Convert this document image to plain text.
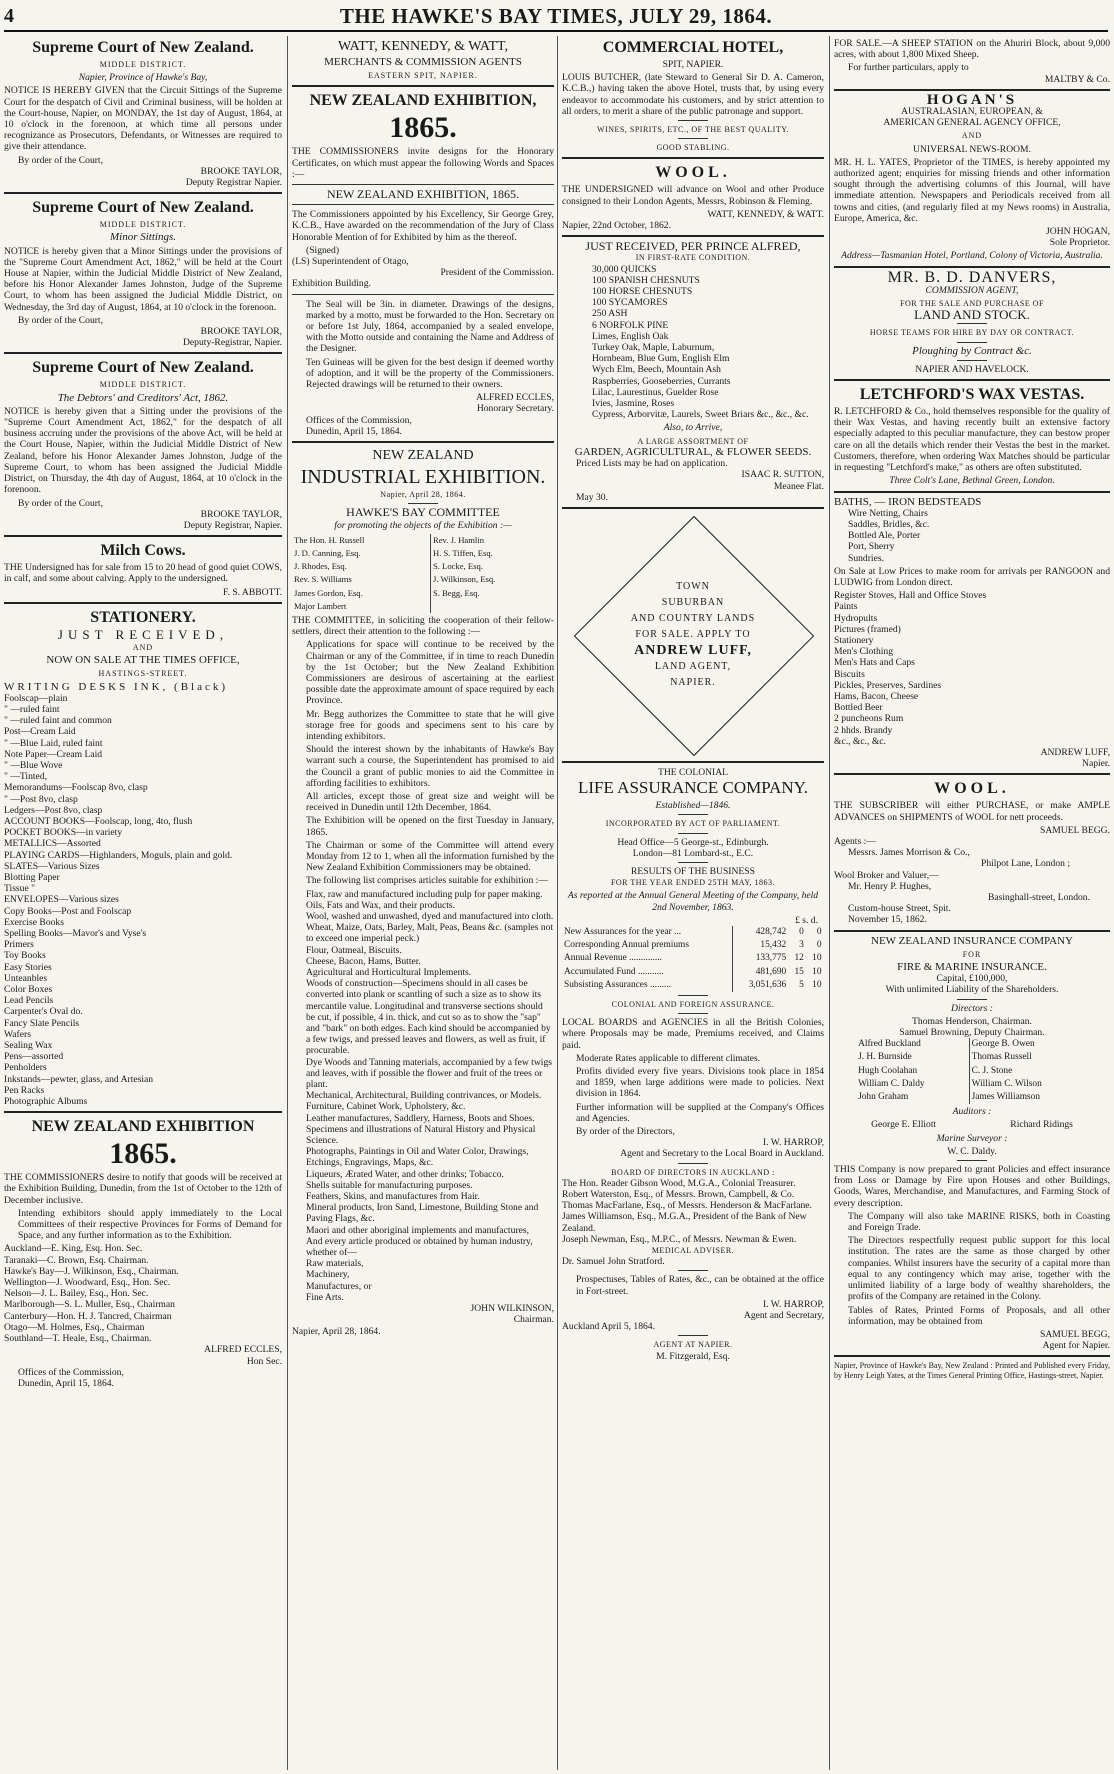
4	THE HAWKE'S BAY TIMES, JULY 29, 1864.
Supreme Court of New Zealand.
MIDDLE DISTRICT.
Napier, Province of Hawke's Bay,

NOTICE IS HEREBY GIVEN that the Circuit Sittings of the Supreme Court for the despatch of Civil and Criminal business, will be holden at the Court-house, Napier, on MONDAY, the 1st day of August, 1864, at 10 o'clock in the forenoon, at which time all persons under recognizance as Prosecutors, Defendants, or Witnesses are required to give their attendance.

By order of the Court,
BROOKE TAYLOR,
Deputy Registrar Napier.
Supreme Court of New Zealand.
MIDDLE DISTRICT.
Minor Sittings.

NOTICE is hereby given that a Minor Sittings under the provisions of the "Supreme Court Amendment Act, 1862," will be held at the Court House at Napier, within the Judicial Middle District of New Zealand, before his Honor Alexander James Johnston, Judge of the Supreme Court, to whom has been assigned the Judicial Middle District, on Wednesday, the 3rd day of August, 1864, at 10 o'clock in the forenoon.

By order of the Court,
BROOKE TAYLOR,
Deputy-Registrar, Napier.
Supreme Court of New Zealand.
MIDDLE DISTRICT.
The Debtors' and Creditors' Act, 1862.

NOTICE is hereby given that a Sitting under the provisions of the "Supreme Court Amendment Act, 1862," for the despatch of all business accruing under the provisions of the above Act, will be held at the Court House, Napier, within the Judicial Middle District of New Zealand, before his Honor Alexander James Johnston, Judge of the Supreme Court, to whom has been assigned the Judicial Middle District, on Thursday, the 4th day of August, 1864, at 10 o'clock in the forenoon.

By order of the Court,
BROOKE TAYLOR,
Deputy Registrar, Napier.
Milch Cows.

THE Undersigned has for sale from 15 to 20 head of good quiet COWS, in calf, and some about calving. Apply to the undersigned.

F. S. ABBOTT.
STATIONERY.
JUST RECEIVED,
AND
NOW ON SALE AT THE TIMES OFFICE,
HASTINGS-STREET.
WRITING DESKS INK, (Black)
Foolscap—plain
" —ruled faint
" —ruled faint and common
Post—Cream Laid
" —Blue Laid, ruled faint
Note Paper—Cream Laid
" —Blue Wove
" —Tinted,
Memorandums—Foolscap 8vo, clasp
" —Post 8vo, clasp
Ledgers—Post 8vo, clasp
ACCOUNT BOOKS—Foolscap, long, 4to, flush
POCKET BOOKS—in variety
METALLICS—Assorted
PLAYING CARDS—Highlanders, Moguls, plain and gold.
SLATES—Various Sizes
Blotting Paper
Tissue "
ENVELOPES—Various sizes
Copy Books—Post and Foolscap
Exercise Books
Spelling Books—Mavor's and Vyse's
Primers
Toy Books
Easy Stories
Unteanbles
Color Boxes
Lead Pencils
Carpenter's Oval do.
Fancy Slate Pencils
Wafers
Sealing Wax
Pens—assorted
Penholders
Inkstands—pewter, glass, and Artesian
Pen Racks
Photographic Albums
NEW ZEALAND EXHIBITION
1865.

THE COMMISSIONERS desire to notify that goods will be received at the Exhibition Building, Dunedin, from the 1st of October to the 12th of December inclusive.

Intending exhibitors should apply immediately to the Local Committees of their respective Provinces for Forms of Demand for Space, and any further information as to the Exhibition.

Auckland—E. King, Esq. Hon. Sec.
Taranaki—C. Brown, Esq. Chairman.
Hawke's Bay—J. Wilkinson, Esq., Chairman.
Wellington—J. Woodward, Esq., Hon. Sec.
Nelson—J. L. Bailey, Esq., Hon. Sec.
Marlborough—S. L. Muller, Esq., Chairman
Canterbury—Hon. H. J. Tancred, Chairman
Otago—M. Holmes, Esq., Chairman
Southland—T. Heale, Esq., Chairman.
ALFRED ECCLES,
Hon Sec.
Offices of the Commission,
Dunedin, April 15, 1864.
WATT, KENNEDY, & WATT,
MERCHANTS & COMMISSION AGENTS
EASTERN SPIT, NAPIER.
NEW ZEALAND EXHIBITION,
1865.

THE COMMISSIONERS invite designs for the Honorary Certificates, on which must appear the following Words and Spaces :—

NEW ZEALAND EXHIBITION, 1865.

The Commissioners appointed by his Excellency, Sir George Grey, K.C.B., Have awarded on the recommendation of the Jury of Class Honorable Mention of for Exhibited by him as the thereof.

(Signed)
(LS) Superintendent of Otago,
President of the Commission.
Exhibition Building.

The Seal will be 3in. in diameter. Drawings of the designs, marked by a motto, must be forwarded to the Hon. Secretary on or before 1st July, 1864, accompanied by a sealed envelope, with the Motto outside and containing the Name and Address of the Designer.

Ten Guineas will be given for the best design if deemed worthy of adoption, and it will be the property of the Commissioners. Rejected drawings will be returned to their owners.

ALFRED ECCLES,
Honorary Secretary.
Offices of the Commission,
Dunedin, April 15, 1864.
NEW ZEALAND
INDUSTRIAL EXHIBITION.
Napier, April 28, 1864.
HAWKE'S BAY COMMITTEE
for promoting the objects of the Exhibition :—
The Hon. H. Russell	Rev. J. Hamlin
J. D. Canning, Esq.	H. S. Tiffen, Esq.
J. Rhodes, Esq.	S. Locke, Esq.
Rev. S. Williams	J. Wilkinson, Esq.
James Gordon, Esq.	S. Begg, Esq.
Major Lambert	

THE COMMITTEE, in soliciting the cooperation of their fellow-settlers, direct their attention to the following :—

Applications for space will continue to be received by the Chairman or any of the Committee, if in time to reach Dunedin by the 1st October; but the New Zealand Exhibition Commissioners are desirous of ascertaining at the earliest possible date the approximate amount of space required by each Province.

Mr. Begg authorizes the Committee to state that he will give storage free for goods and specimens sent to his care by intending exhibitors.

Should the interest shown by the inhabitants of Hawke's Bay warrant such a course, the Superintendent has promised to aid the Council a grant of public monies to aid the Committee in affording facilities to exhibitors.

All articles, except those of great size and weight will be received in Dunedin until 12th December, 1864.

The Exhibition will be opened on the first Tuesday in January, 1865.

The Chairman or some of the Committee will attend every Monday from 12 to 1, when all the information furnished by the New Zealand Exhibition Commissioners may be obtained.

The following list comprises articles suitable for exhibition :—

Flax, raw and manufactured including pulp for paper making.
Oils, Fats and Wax, and their products.
Wool, washed and unwashed, dyed and manufactured into cloth.
Wheat, Maize, Oats, Barley, Malt, Peas, Beans &c. (samples not to exceed one imperial peck.)
Flour, Oatmeal, Biscuits.
Cheese, Bacon, Hams, Butter.
Agricultural and Horticultural Implements.
Woods of construction—Specimens should in all cases be converted into plank or scantling of such a size as to show its mercantile value. Longitudinal and transverse sections should be cut, if possible, 4 in. thick, and cut so as to show the "sap" and "bark" on both edges. Each kind should be accompanied by a few twigs, and pressed leaves and flowers, as well as fruit, if procurable.
Dye Woods and Tanning materials, accompanied by a few twigs and leaves, with if possible the flower and fruit of the trees or plant.
Mechanical, Architectural, Building contrivances, or Models.
Furniture, Cabinet Work, Upholstery, &c.
Leather manufactures, Saddlery, Harness, Boots and Shoes.
Specimens and illustrations of Natural History and Physical Science.
Photographs, Paintings in Oil and Water Color, Drawings, Etchings, Engravings, Maps, &c.
Liqueurs, Ærated Water, and other drinks; Tobacco.
Shells suitable for manufacturing purposes.
Feathers, Skins, and manufactures from Hair.
Mineral products, Iron Sand, Limestone, Building Stone and Paving Flags, &c.
Maori and other aboriginal implements and manufactures,
And every article produced or obtained by human industry, whether of—
Raw materials,
Machinery,
Manufactures, or
Fine Arts.
JOHN WILKINSON,
Chairman.
Napier, April 28, 1864.
COMMERCIAL HOTEL,
SPIT, NAPIER.

LOUIS BUTCHER, (late Steward to General Sir D. A. Cameron, K.C.B.,) having taken the above Hotel, trusts that, by using every endeavor to accommodate his customers, and by strict attention to all orders, to merit a share of the public patronage and support.

WINES, SPIRITS, ETC., OF THE BEST QUALITY.
GOOD STABLING.
WOOL.

THE UNDERSIGNED will advance on Wool and other Produce consigned to their London Agents, Messrs, Robinson & Fleming.

WATT, KENNEDY, & WATT.
Napier, 22nd October, 1862.
JUST RECEIVED, PER PRINCE ALFRED,
IN FIRST-RATE CONDITION.
30,000 QUICKS
100 SPANISH CHESNUTS
100 HORSE CHESNUTS
100 SYCAMORES
250 ASH
6 NORFOLK PINE
Limes, English Oak
Turkey Oak, Maple, Laburnum,
Hornbeam, Blue Gum, English Elm
Wych Elm, Beech, Mountain Ash
Raspberries, Gooseberries, Currants
Lilac, Laurestinus, Guelder Rose
Ivies, Jasmine, Roses
Cypress, Arborvitæ, Laurels, Sweet Briars &c., &c., &c.
Also, to Arrive,
A LARGE ASSORTMENT OF
GARDEN, AGRICULTURAL, & FLOWER SEEDS.
Priced Lists may be had on application.
ISAAC R. SUTTON,
Meanee Flat.
May 30.
TOWN
SUBURBAN
AND COUNTRY LANDS
FOR SALE. APPLY TO
ANDREW LUFF,
LAND AGENT,
NAPIER.
THE COLONIAL
LIFE ASSURANCE COMPANY.
Established—1846.
INCORPORATED BY ACT OF PARLIAMENT.
Head Office—5 George-st., Edinburgh.
London—81 Lombard-st., E.C.
RESULTS OF THE BUSINESS
FOR THE YEAR ENDED 25TH MAY, 1863.
As reported at the Annual General Meeting of the Company, held 2nd November, 1863.
£ s. d.
New Assurances for the year ...	428,742	0	0
Corresponding Annual premiums	15,432	3	0
Annual Revenue ..............	133,775	12	10
Accumulated Fund ...........	481,690	15	10
Subsisting Assurances .........	3,051,636	5	10
COLONIAL AND FOREIGN ASSURANCE.

LOCAL BOARDS and AGENCIES in all the British Colonies, where Proposals may be made, Premiums received, and Claims paid.

Moderate Rates applicable to different climates.

Profits divided every five years. Divisions took place in 1854 and 1859, when large additions were made to policies. Next division in 1864.

Further information will be supplied at the Company's Offices and Agencies.

By order of the Directors,
I. W. HARROP,
Agent and Secretary to the Local Board in Auckland.
BOARD OF DIRECTORS IN AUCKLAND :
The Hon. Reader Gibson Wood, M.G.A., Colonial Treasurer.
Robert Waterston, Esq., of Messrs. Brown, Campbell, & Co.
Thomas MacFarlane, Esq., of Messrs. Henderson & MacFarlane.
James Williamson, Esq., M.G.A., President of the Bank of New Zealand.
Joseph Newman, Esq., M.P.C., of Messrs. Newman & Ewen.
MEDICAL ADVISER.
Dr. Samuel John Stratford.

Prospectuses, Tables of Rates, &c., can be obtained at the office in Fort-street.

I. W. HARROP,
Agent and Secretary,
Auckland April 5, 1864.
AGENT AT NAPIER.
M. Fitzgerald, Esq.

FOR SALE.—A SHEEP STATION on the Ahuriri Block, about 9,000 acres, with about 1,800 Mixed Sheep.

For further particulars, apply to
MALTBY & Co.
HOGAN'S
AUSTRALASIAN, EUROPEAN, &
AMERICAN GENERAL AGENCY OFFICE,
AND
UNIVERSAL NEWS-ROOM.

MR. H. L. YATES, Proprietor of the TIMES, is hereby appointed my authorized agent; enquiries for missing friends and other information sought through the advertising columns of this Journal, will have immediate attention. Newspapers and Periodicals received from all towns and cities, (and regularly filed at my News rooms) in Australia, Europe, America, &c.

JOHN HOGAN,
Sole Proprietor.
Address—Tasmanian Hotel, Portland, Colony of Victoria, Australia.
MR. B. D. DANVERS,
COMMISSION AGENT,
FOR THE SALE AND PURCHASE OF
LAND AND STOCK.
HORSE TEAMS FOR HIRE BY DAY OR CONTRACT.
Ploughing by Contract &c.
NAPIER AND HAVELOCK.
LETCHFORD'S WAX VESTAS.

R. LETCHFORD & Co., hold themselves responsible for the quality of their Wax Vestas, and having recently built an extensive factory especially adapted to this peculiar manufacture, they can bestow proper care on all the details which render their Vestas the best in the market. Customers, therefore, when ordering Wax Matches should be particular in requesting "Letchford's make," as others are often substituted.

Three Colt's Lane, Bethnal Green, London.
BATHS, — IRON BEDSTEADS
Wire Netting, Chairs
Saddles, Bridles, &c.
Bottled Ale, Porter
Port, Sherry
Sundries.

On Sale at Low Prices to make room for arrivals per RANGOON and LUDWIG from London direct.

Register Stoves, Hall and Office Stoves
Paints
Hydropults
Pictures (framed)
Stationery
Men's Clothing
Men's Hats and Caps
Biscuits
Pickles, Preserves, Sardines
Hams, Bacon, Cheese
Bottled Beer
2 puncheons Rum
2 hhds. Brandy
&c., &c., &c.
ANDREW LUFF,
Napier.
WOOL.

THE SUBSCRIBER will either PURCHASE, or make AMPLE ADVANCES on SHIPMENTS of WOOL for nett proceeds.

SAMUEL BEGG.
Agents :—
Messrs. James Morrison & Co.,
Philpot Lane, London ;
Wool Broker and Valuer,—
Mr. Henry P. Hughes,
Basinghall-street, London.
Custom-house Street, Spit.
November 15, 1862.
NEW ZEALAND INSURANCE COMPANY
FOR
FIRE & MARINE INSURANCE.
Capital, £100,000,
With unlimited Liability of the Shareholders.
Directors :
Thomas Henderson, Chairman.
Samuel Browning, Deputy Chairman.
Alfred Buckland	George B. Owen
J. H. Burnside	Thomas Russell
Hugh Coolahan	C. J. Stone
William C. Daldy	William C. Wilson
John Graham	James Williamson
Auditors :
George E. Elliott	Richard Ridings
Marine Surveyor :
W. C. Daldy.

THIS Company is now prepared to grant Policies and effect insurance from Loss or Damage by Fire upon Houses and other Buildings, Goods, Wares, Merchandise, and Manufactures, and Farming Stock of every description.

The Company will also take MARINE RISKS, both in Coasting and Foreign Trade.

The Directors respectfully request public support for this local institution. The rates are the same as those charged by other companies. Whilst insurers have the security of a capital more than equal to any contingency which may arise, together with the unlimited liability of a large body of wealthy shareholders, the profits of the Company are retained in the Colony.

Tables of Rates, Printed Forms of Proposals, and all other information, may be obtained from

SAMUEL BEGG,
Agent for Napier.
Napier, Province of Hawke's Bay, New Zealand : Printed and Published every Friday, by Henry Leigh Yates, at the Times General Printing Office, Hastings-street, Napier.
